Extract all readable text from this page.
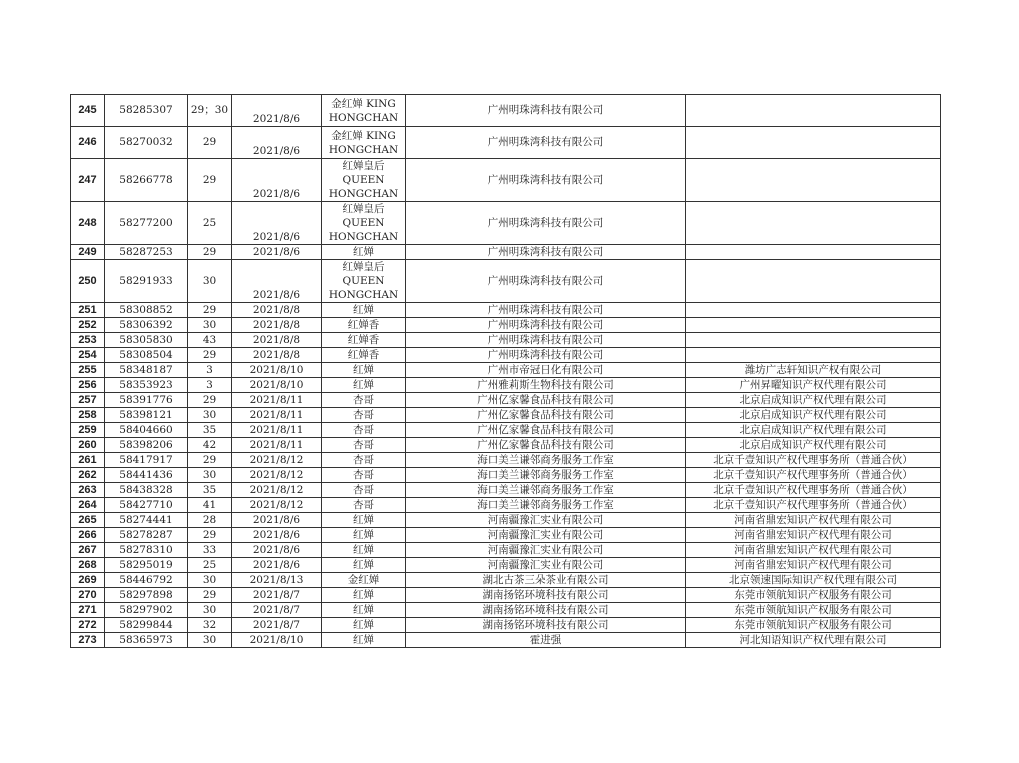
245	58285307	29；30	2021/8/6	金红婵 KING HONGCHAN	广州明珠湾科技有限公司	
246	58270032	29	2021/8/6	金红婵 KING HONGCHAN	广州明珠湾科技有限公司	
247	58266778	29	2021/8/6	红婵皇后 QUEEN HONGCHAN	广州明珠湾科技有限公司	
248	58277200	25	2021/8/6	红婵皇后 QUEEN HONGCHAN	广州明珠湾科技有限公司	
249	58287253	29	2021/8/6	红婵	广州明珠湾科技有限公司	
250	58291933	30	2021/8/6	红婵皇后 QUEEN HONGCHAN	广州明珠湾科技有限公司	
251	58308852	29	2021/8/8	红婵	广州明珠湾科技有限公司	
252	58306392	30	2021/8/8	红婵香	广州明珠湾科技有限公司	
253	58305830	43	2021/8/8	红婵香	广州明珠湾科技有限公司	
254	58308504	29	2021/8/8	红婵香	广州明珠湾科技有限公司	
255	58348187	3	2021/8/10	红婵	广州市帝冠日化有限公司	潍坊广志轩知识产权有限公司
256	58353923	3	2021/8/10	红婵	广州雅莉斯生物科技有限公司	广州昇曜知识产权代理有限公司
257	58391776	29	2021/8/11	杏哥	广州亿家馨食品科技有限公司	北京启成知识产权代理有限公司
258	58398121	30	2021/8/11	杏哥	广州亿家馨食品科技有限公司	北京启成知识产权代理有限公司
259	58404660	35	2021/8/11	杏哥	广州亿家馨食品科技有限公司	北京启成知识产权代理有限公司
260	58398206	42	2021/8/11	杏哥	广州亿家馨食品科技有限公司	北京启成知识产权代理有限公司
261	58417917	29	2021/8/12	杏哥	海口美兰谦邻商务服务工作室	北京千壹知识产权代理事务所（普通合伙）
262	58441436	30	2021/8/12	杏哥	海口美兰谦邻商务服务工作室	北京千壹知识产权代理事务所（普通合伙）
263	58438328	35	2021/8/12	杏哥	海口美兰谦邻商务服务工作室	北京千壹知识产权代理事务所（普通合伙）
264	58427710	41	2021/8/12	杏哥	海口美兰谦邻商务服务工作室	北京千壹知识产权代理事务所（普通合伙）
265	58274441	28	2021/8/6	红婵	河南疆豫汇实业有限公司	河南省鼎宏知识产权代理有限公司
266	58278287	29	2021/8/6	红婵	河南疆豫汇实业有限公司	河南省鼎宏知识产权代理有限公司
267	58278310	33	2021/8/6	红婵	河南疆豫汇实业有限公司	河南省鼎宏知识产权代理有限公司
268	58295019	25	2021/8/6	红婵	河南疆豫汇实业有限公司	河南省鼎宏知识产权代理有限公司
269	58446792	30	2021/8/13	金红婵	湖北古茶三朵茶业有限公司	北京领速国际知识产权代理有限公司
270	58297898	29	2021/8/7	红婵	湖南扬铭环境科技有限公司	东莞市领航知识产权服务有限公司
271	58297902	30	2021/8/7	红婵	湖南扬铭环境科技有限公司	东莞市领航知识产权服务有限公司
272	58299844	32	2021/8/7	红婵	湖南扬铭环境科技有限公司	东莞市领航知识产权服务有限公司
273	58365973	30	2021/8/10	红婵	霍进强	河北知语知识产权代理有限公司
